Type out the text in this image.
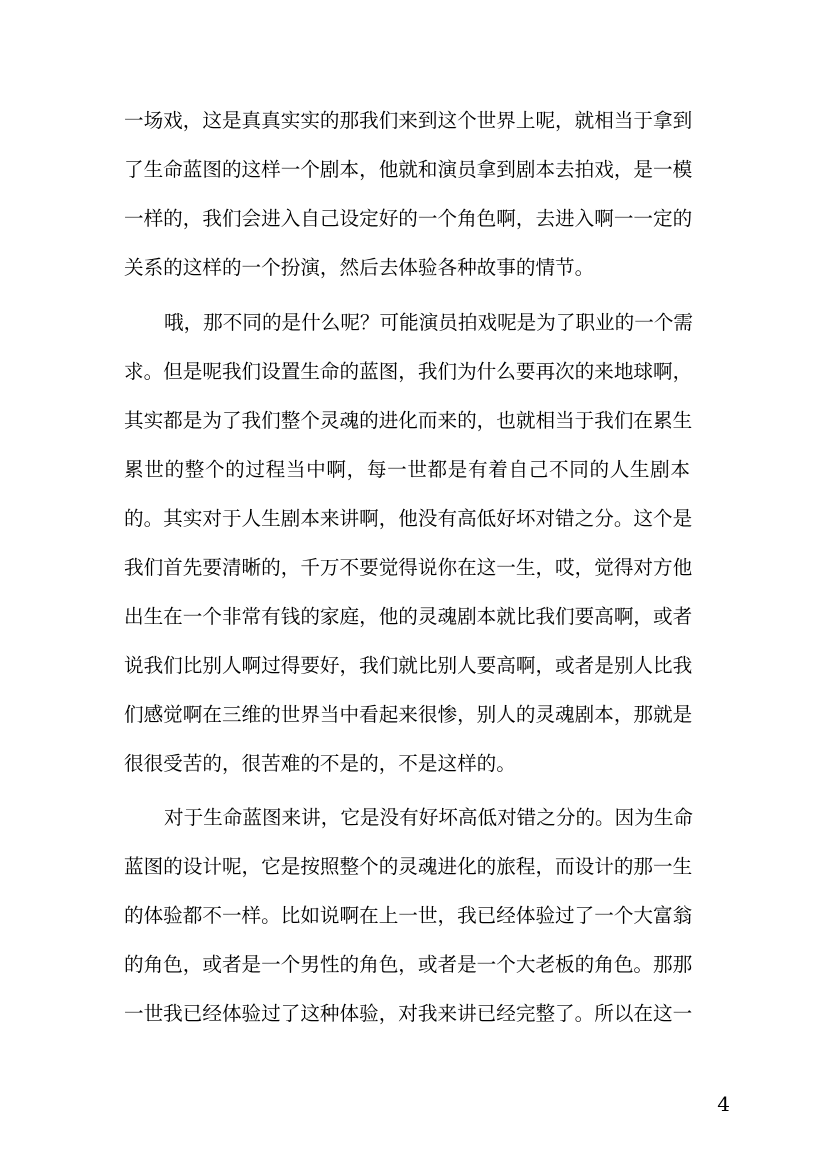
一场戏，这是真真实实的那我们来到这个世界上呢，就相当于拿到
了生命蓝图的这样一个剧本，他就和演员拿到剧本去拍戏，是一模
一样的，我们会进入自己设定好的一个角色啊，去进入啊一一定的
关系的这样的一个扮演，然后去体验各种故事的情节。
哦，那不同的是什么呢？可能演员拍戏呢是为了职业的一个需
求。但是呢我们设置生命的蓝图，我们为什么要再次的来地球啊，
其实都是为了我们整个灵魂的进化而来的，也就相当于我们在累生
累世的整个的过程当中啊，每一世都是有着自己不同的人生剧本
的。其实对于人生剧本来讲啊，他没有高低好坏对错之分。这个是
我们首先要清晰的，千万不要觉得说你在这一生，哎，觉得对方他
出生在一个非常有钱的家庭，他的灵魂剧本就比我们要高啊，或者
说我们比别人啊过得要好，我们就比别人要高啊，或者是别人比我
们感觉啊在三维的世界当中看起来很惨，别人的灵魂剧本，那就是
很很受苦的，很苦难的不是的，不是这样的。
对于生命蓝图来讲，它是没有好坏高低对错之分的。因为生命
蓝图的设计呢，它是按照整个的灵魂进化的旅程，而设计的那一生
的体验都不一样。比如说啊在上一世，我已经体验过了一个大富翁
的角色，或者是一个男性的角色，或者是一个大老板的角色。那那
一世我已经体验过了这种体验，对我来讲已经完整了。所以在这一
4
